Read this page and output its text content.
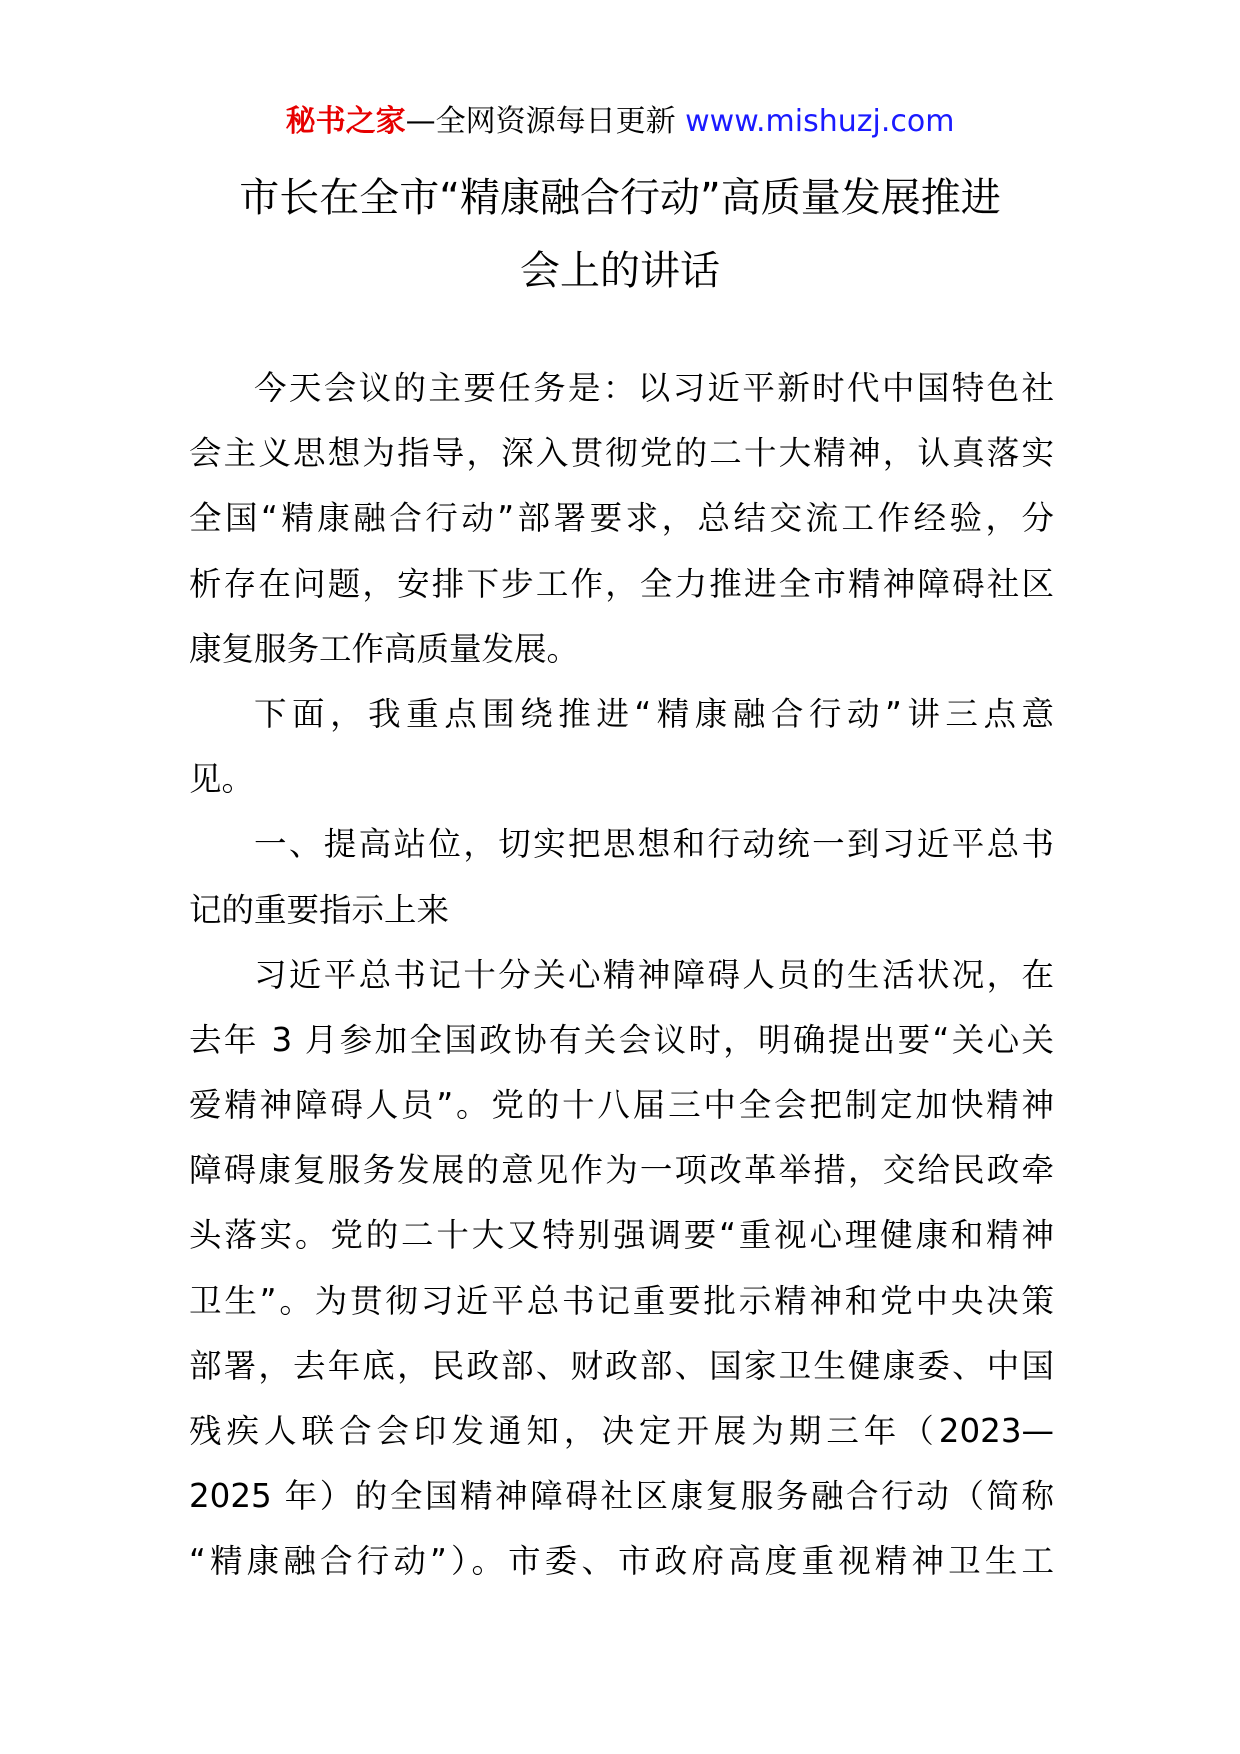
秘书之家—全网资源每日更新 www.mishuzj.com
市长在全市“精康融合行动”高质量发展推进
会上的讲话
今天会议的主要任务是：以习近平新时代中国特色社
会主义思想为指导，深入贯彻党的二十大精神，认真落实
全国“精康融合行动”部署要求，总结交流工作经验，分
析存在问题，安排下步工作，全力推进全市精神障碍社区
康复服务工作高质量发展。
下面，我重点围绕推进“精康融合行动”讲三点意
见。
一、提高站位，切实把思想和行动统一到习近平总书
记的重要指示上来
习近平总书记十分关心精神障碍人员的生活状况，在
去年 3 月参加全国政协有关会议时，明确提出要“关心关
爱精神障碍人员”。党的十八届三中全会把制定加快精神
障碍康复服务发展的意见作为一项改革举措，交给民政牵
头落实。党的二十大又特别强调要“重视心理健康和精神
卫生”。为贯彻习近平总书记重要批示精神和党中央决策
部署，去年底，民政部、财政部、国家卫生健康委、中国
残疾人联合会印发通知，决定开展为期三年（2023—
2025 年）的全国精神障碍社区康复服务融合行动（简称
“精康融合行动”）。市委、市政府高度重视精神卫生工
